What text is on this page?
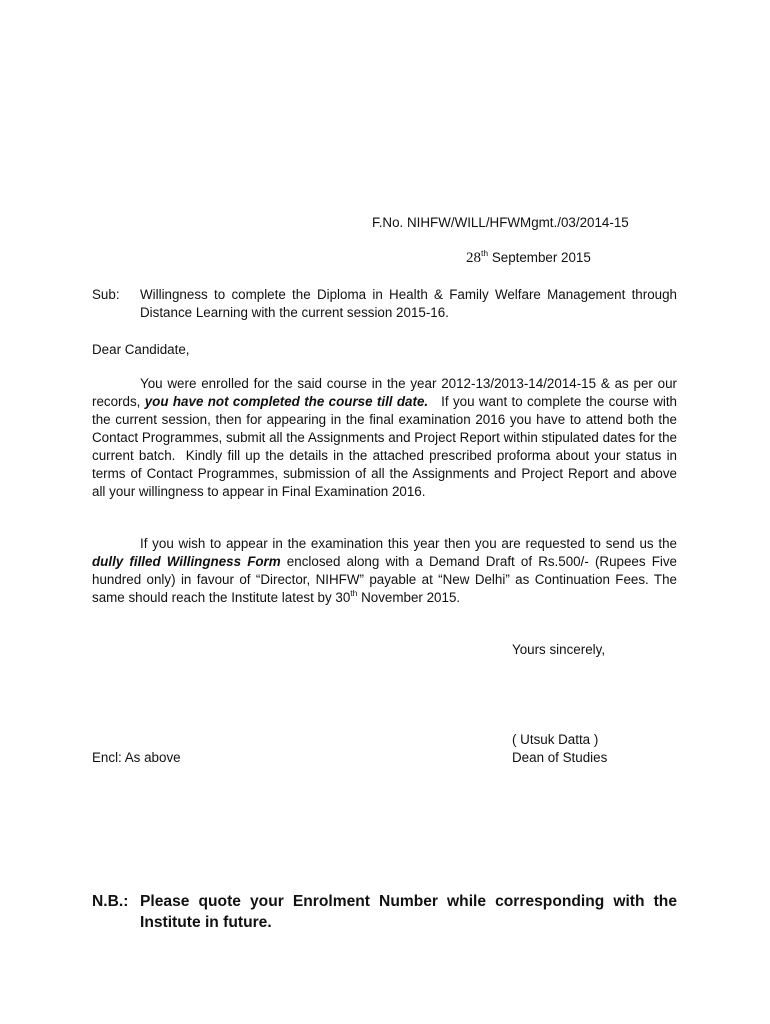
F.No. NIHFW/WILL/HFWMgmt./03/2014-15
28th September 2015
Sub: Willingness to complete the Diploma in Health & Family Welfare Management through Distance Learning with the current session 2015-16.
Dear Candidate,
You were enrolled for the said course in the year 2012-13/2013-14/2014-15 & as per our records, you have not completed the course till date.   If you want to complete the course with the current session, then for appearing in the final examination 2016 you have to attend both the Contact Programmes, submit all the Assignments and Project Report within stipulated dates for the current batch.  Kindly fill up the details in the attached prescribed proforma about your status in terms of Contact Programmes, submission of all the Assignments and Project Report and above all your willingness to appear in Final Examination 2016.
If you wish to appear in the examination this year then you are requested to send us the dully filled Willingness Form enclosed along with a Demand Draft of Rs.500/- (Rupees Five hundred only) in favour of “Director, NIHFW” payable at “New Delhi” as Continuation Fees. The same should reach the Institute latest by 30th November 2015.
Yours sincerely,
( Utsuk Datta )
Dean of Studies
Encl: As above
N.B.: Please quote your Enrolment Number while corresponding with the Institute in future.
